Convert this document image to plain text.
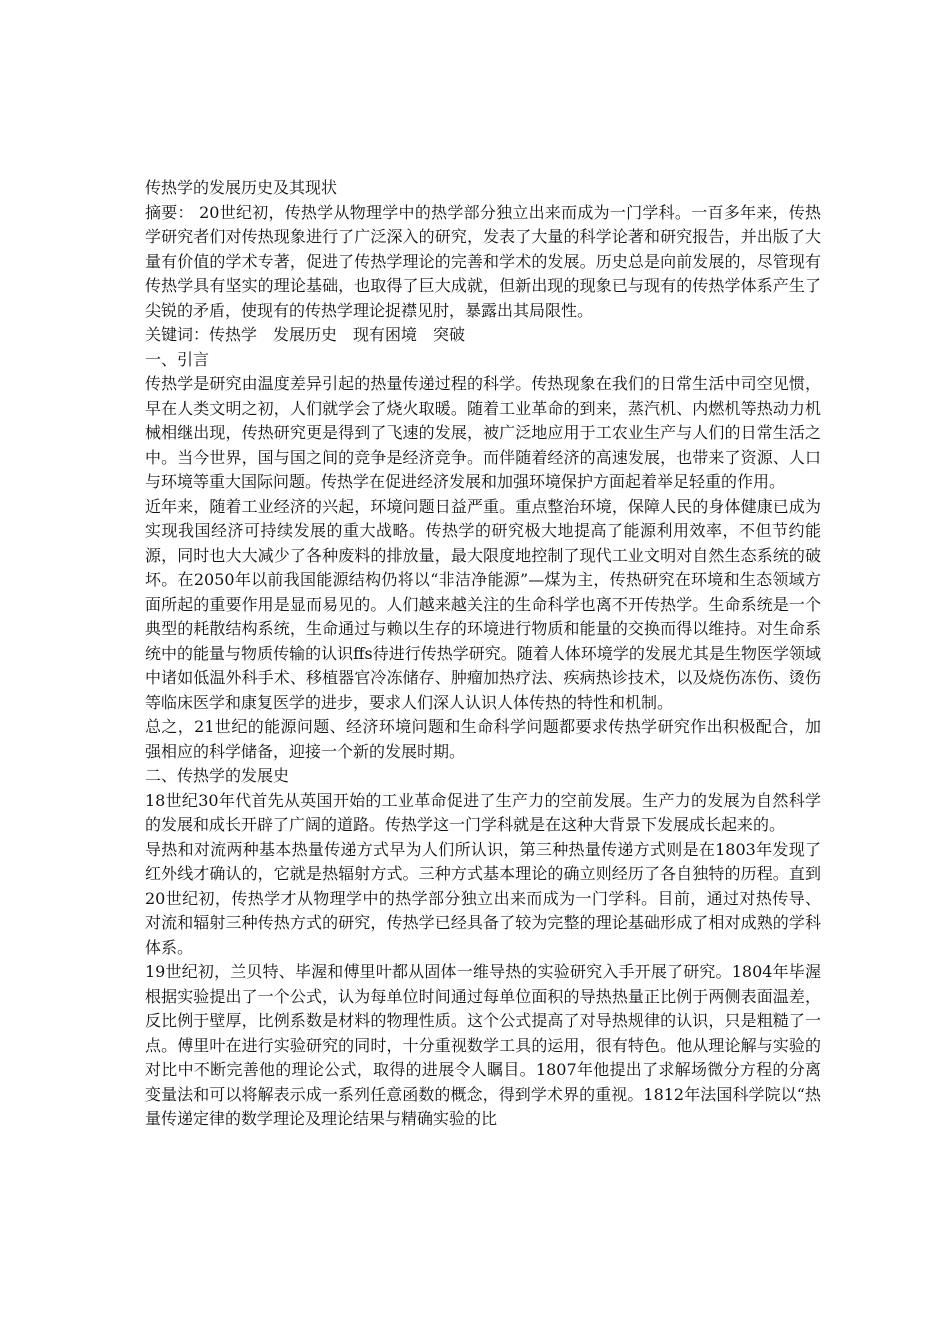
传热学的发展历史及其现状

摘要： 20世纪初，传热学从物理学中的热学部分独立出来而成为一门学科。一百多年来，传热学研究者们对传热现象进行了广泛深入的研究，发表了大量的科学论著和研究报告，并出版了大量有价值的学术专著，促进了传热学理论的完善和学术的发展。历史总是向前发展的，尽管现有传热学具有坚实的理论基础，也取得了巨大成就，但新出现的现象已与现有的传热学体系产生了尖锐的矛盾，使现有的传热学理论捉襟见肘，暴露出其局限性。

关键词：传热学　发展历史　现有困境　突破

一、引言

传热学是研究由温度差异引起的热量传递过程的科学。传热现象在我们的日常生活中司空见惯，早在人类文明之初，人们就学会了烧火取暖。随着工业革命的到来，蒸汽机、内燃机等热动力机械相继出现，传热研究更是得到了飞速的发展，被广泛地应用于工农业生产与人们的日常生活之中。当今世界，国与国之间的竞争是经济竞争。而伴随着经济的高速发展，也带来了资源、人口与环境等重大国际问题。传热学在促进经济发展和加强环境保护方面起着举足轻重的作用。

近年来，随着工业经济的兴起，环境问题日益严重。重点整治环境，保障人民的身体健康已成为实现我国经济可持续发展的重大战略。传热学的研究极大地提高了能源利用效率，不但节约能源，同时也大大减少了各种废料的排放量，最大限度地控制了现代工业文明对自然生态系统的破坏。在2050年以前我国能源结构仍将以“非洁净能源”—煤为主，传热研究在环境和生态领域方面所起的重要作用是显而易见的。人们越来越关注的生命科学也离不开传热学。生命系统是一个典型的耗散结构系统，生命通过与赖以生存的环境进行物质和能量的交换而得以维持。对生命系统中的能量与物质传输的认识ffs待进行传热学研究。随着人体环境学的发展尤其是生物医学领域中诸如低温外科手术、移植器官冷冻储存、肿瘤加热疗法、疾病热诊技术，以及烧伤冻伤、烫伤等临床医学和康复医学的进步，要求人们深人认识人体传热的特性和机制。

总之，21世纪的能源问题、经济环境问题和生命科学问题都要求传热学研究作出积极配合，加强相应的科学储备，迎接一个新的发展时期。

二、传热学的发展史

18世纪30年代首先从英国开始的工业革命促进了生产力的空前发展。生产力的发展为自然科学的发展和成长开辟了广阔的道路。传热学这一门学科就是在这种大背景下发展成长起来的。

导热和对流两种基本热量传递方式早为人们所认识，第三种热量传递方式则是在1803年发现了红外线才确认的，它就是热辐射方式。三种方式基本理论的确立则经历了各自独特的历程。直到20世纪初，传热学才从物理学中的热学部分独立出来而成为一门学科。目前，通过对热传导、对流和辐射三种传热方式的研究，传热学已经具备了较为完整的理论基础形成了相对成熟的学科体系。

19世纪初，兰贝特、毕渥和傅里叶都从固体一维导热的实验研究入手开展了研究。1804年毕渥根据实验提出了一个公式，认为每单位时间通过每单位面积的导热热量正比例于两侧表面温差，反比例于壁厚，比例系数是材料的物理性质。这个公式提高了对导热规律的认识，只是粗糙了一点。傅里叶在进行实验研究的同时，十分重视数学工具的运用，很有特色。他从理论解与实验的对比中不断完善他的理论公式，取得的进展令人瞩目。1807年他提出了求解场微分方程的分离变量法和可以将解表示成一系列任意函数的概念，得到学术界的重视。1812年法国科学院以“热量传递定律的数学理论及理论结果与精确实验的比
